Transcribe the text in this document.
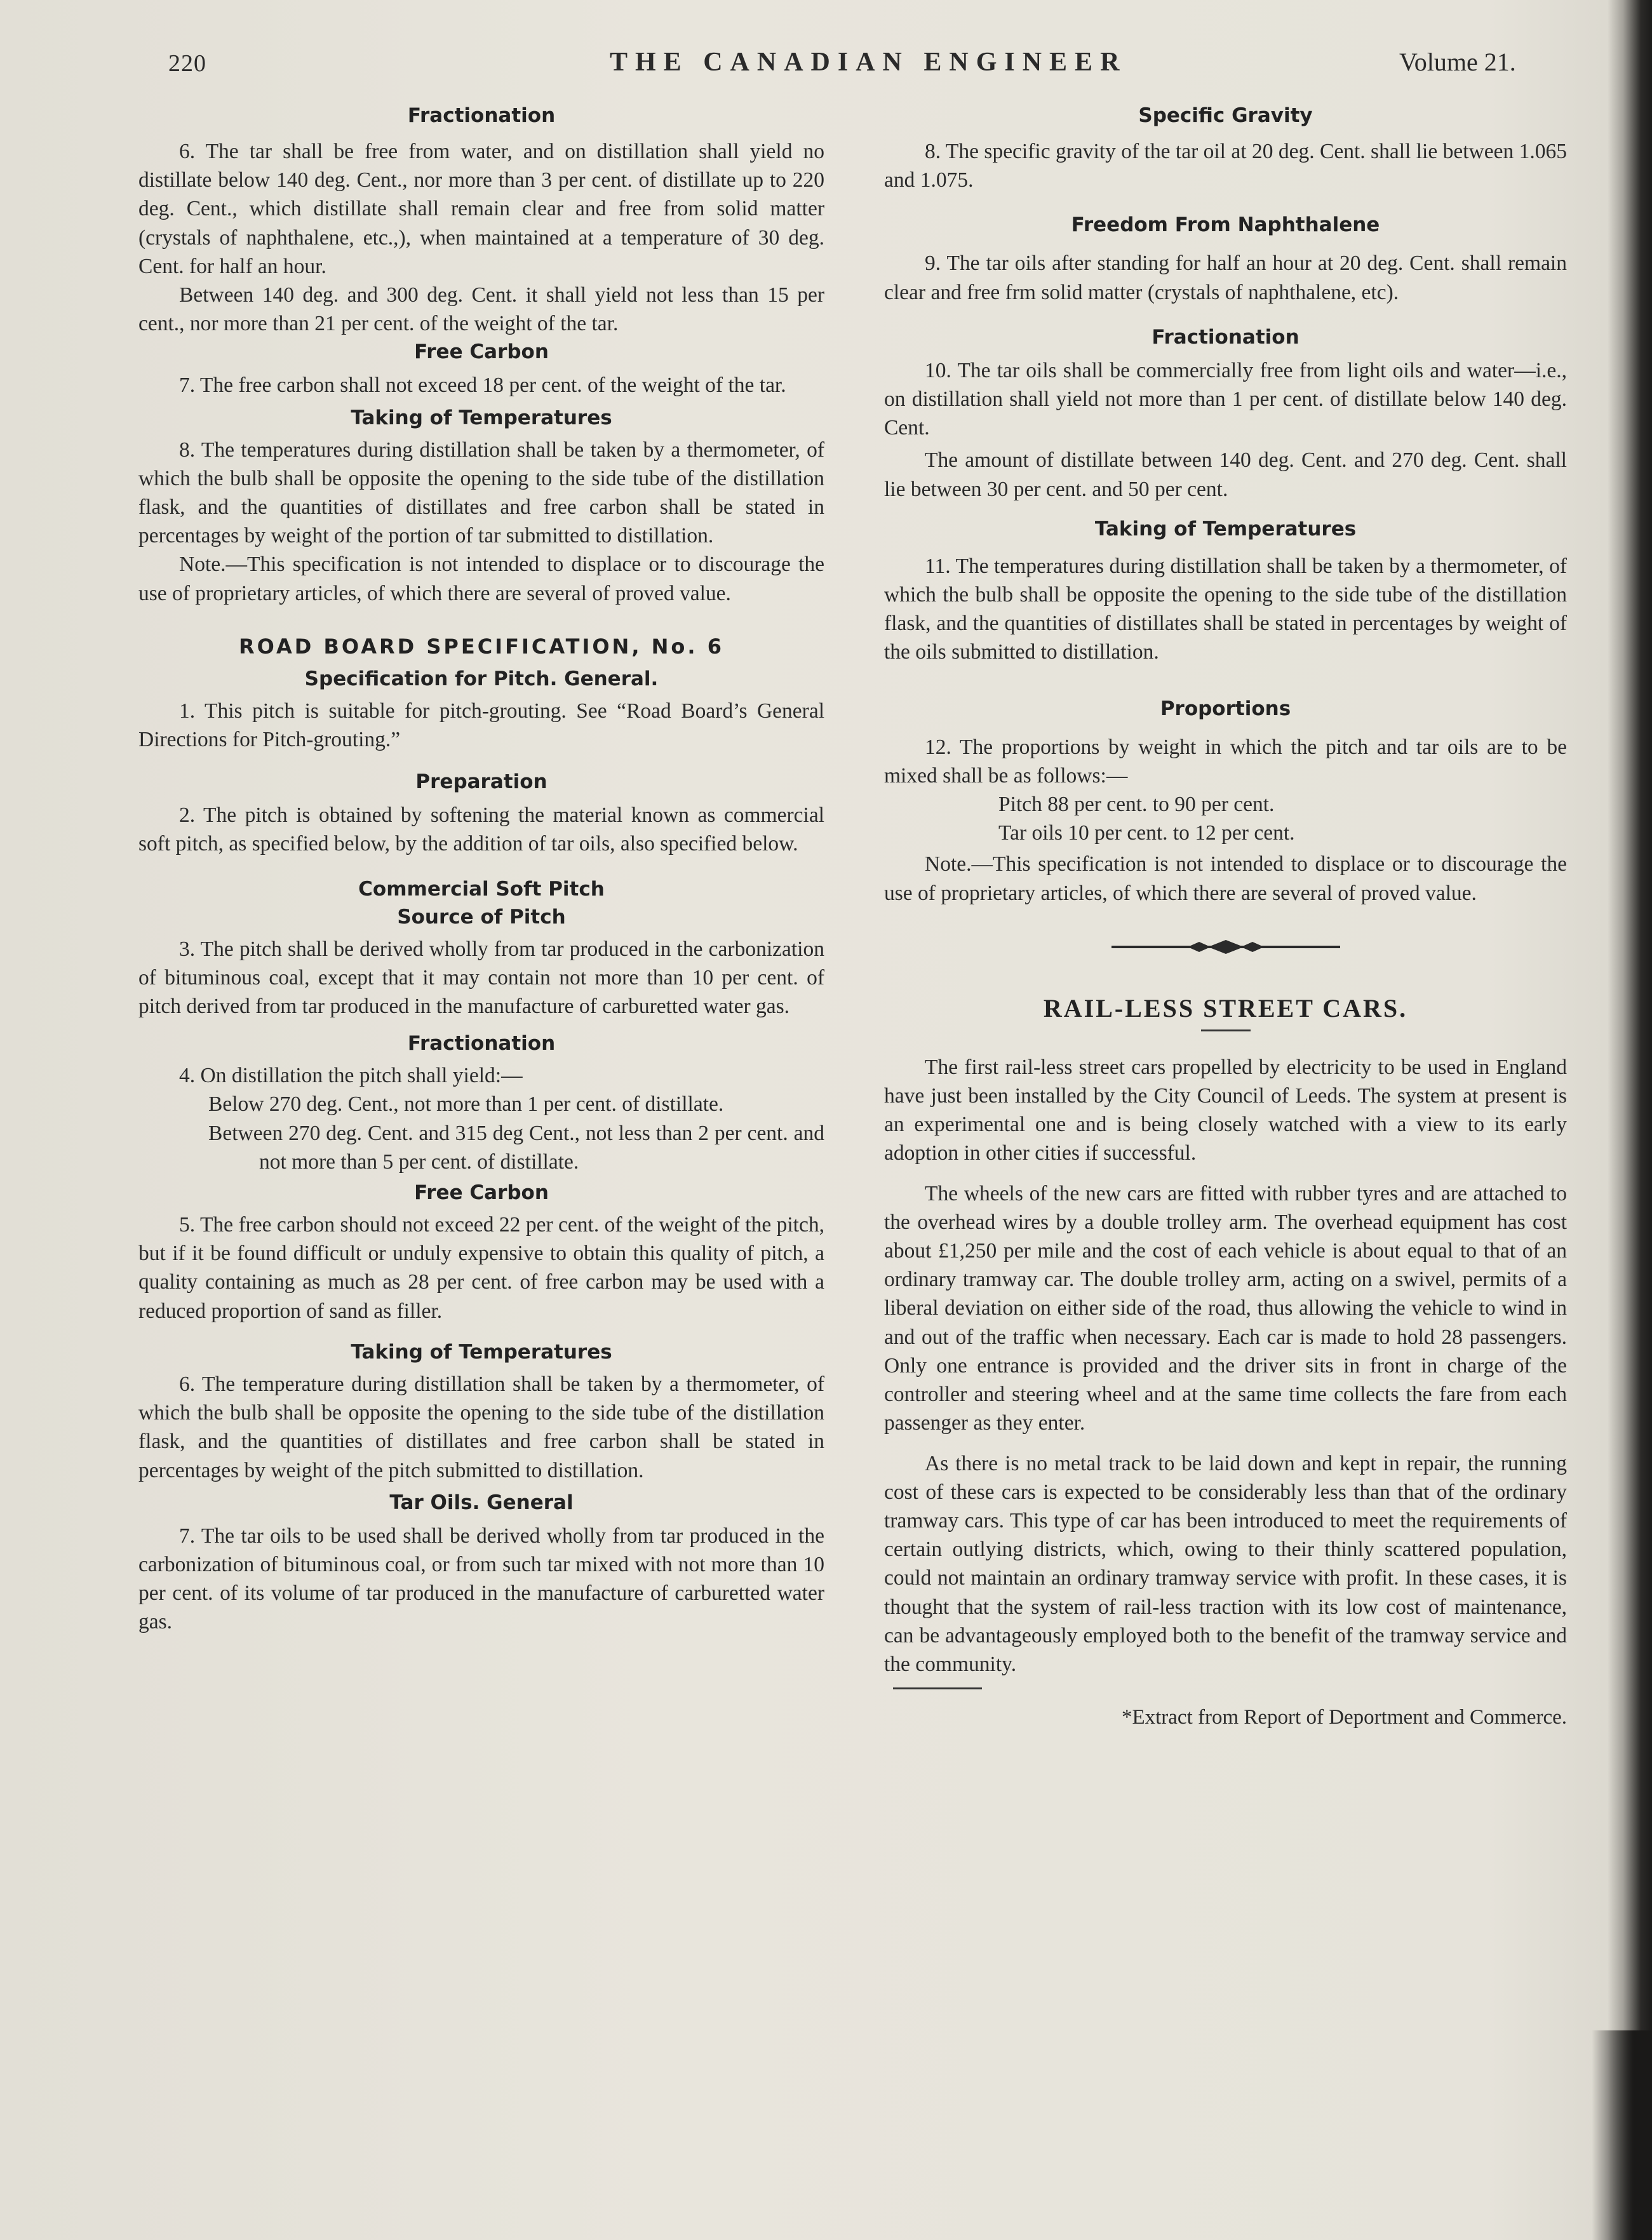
220	THE CANADIAN ENGINEER	Volume 21.
Fractionation

6. The tar shall be free from water, and on distillation shall yield no distillate below 140 deg. Cent., nor more than 3 per cent. of distillate up to 220 deg. Cent., which distillate shall remain clear and free from solid matter (crystals of naphthalene, etc.,), when maintained at a temperature of 30 deg. Cent. for half an hour.

Between 140 deg. and 300 deg. Cent. it shall yield not less than 15 per cent., nor more than 21 per cent. of the weight of the tar.

Free Carbon

7. The free carbon shall not exceed 18 per cent. of the weight of the tar.

Taking of Temperatures

8. The temperatures during distillation shall be taken by a thermometer, of which the bulb shall be opposite the opening to the side tube of the distillation flask, and the quantities of distillates and free carbon shall be stated in percentages by weight of the portion of tar submitted to distillation.

Note.—This specification is not intended to displace or to discourage the use of proprietary articles, of which there are several of proved value.

ROAD BOARD SPECIFICATION, No. 6
Specification for Pitch. General.

1. This pitch is suitable for pitch-grouting. See “Road Board’s General Directions for Pitch-grouting.”

Preparation

2. The pitch is obtained by softening the material known as commercial soft pitch, as specified below, by the addition of tar oils, also specified below.

Commercial Soft Pitch
Source of Pitch

3. The pitch shall be derived wholly from tar produced in the carbonization of bituminous coal, except that it may contain not more than 10 per cent. of pitch derived from tar produced in the manufacture of carburetted water gas.

Fractionation

4. On distillation the pitch shall yield:—

Below 270 deg. Cent., not more than 1 per cent. of distillate.

Between 270 deg. Cent. and 315 deg Cent., not less than 2 per cent. and not more than 5 per cent. of distillate.

Free Carbon

5. The free carbon should not exceed 22 per cent. of the weight of the pitch, but if it be found difficult or unduly expensive to obtain this quality of pitch, a quality containing as much as 28 per cent. of free carbon may be used with a reduced proportion of sand as filler.

Taking of Temperatures

6. The temperature during distillation shall be taken by a thermometer, of which the bulb shall be opposite the opening to the side tube of the distillation flask, and the quantities of distillates and free carbon shall be stated in percentages by weight of the pitch submitted to distillation.

Tar Oils. General

7. The tar oils to be used shall be derived wholly from tar produced in the carbonization of bituminous coal, or from such tar mixed with not more than 10 per cent. of its volume of tar produced in the manufacture of carburetted water gas.

Specific Gravity

8. The specific gravity of the tar oil at 20 deg. Cent. shall lie between 1.065 and 1.075.

Freedom From Naphthalene

9. The tar oils after standing for half an hour at 20 deg. Cent. shall remain clear and free frm solid matter (crystals of naphthalene, etc).

Fractionation

10. The tar oils shall be commercially free from light oils and water—i.e., on distillation shall yield not more than 1 per cent. of distillate below 140 deg. Cent.

The amount of distillate between 140 deg. Cent. and 270 deg. Cent. shall lie between 30 per cent. and 50 per cent.

Taking of Temperatures

11. The temperatures during distillation shall be taken by a thermometer, of which the bulb shall be opposite the opening to the side tube of the distillation flask, and the quantities of distillates shall be stated in percentages by weight of the oils submitted to distillation.

Proportions

12. The proportions by weight in which the pitch and tar oils are to be mixed shall be as follows:—

Pitch 88 per cent. to 90 per cent.

Tar oils 10 per cent. to 12 per cent.

Note.—This specification is not intended to displace or to discourage the use of proprietary articles, of which there are several of proved value.

RAIL-LESS STREET CARS.

The first rail-less street cars propelled by electricity to be used in England have just been installed by the City Council of Leeds. The system at present is an experimental one and is being closely watched with a view to its early adoption in other cities if successful.

The wheels of the new cars are fitted with rubber tyres and are attached to the overhead wires by a double trolley arm. The overhead equipment has cost about £1,250 per mile and the cost of each vehicle is about equal to that of an ordinary tramway car. The double trolley arm, acting on a swivel, permits of a liberal deviation on either side of the road, thus allowing the vehicle to wind in and out of the traffic when necessary. Each car is made to hold 28 passengers. Only one entrance is provided and the driver sits in front in charge of the controller and steering wheel and at the same time collects the fare from each passenger as they enter.

As there is no metal track to be laid down and kept in repair, the running cost of these cars is expected to be considerably less than that of the ordinary tramway cars. This type of car has been introduced to meet the requirements of certain outlying districts, which, owing to their thinly scattered population, could not maintain an ordinary tramway service with profit. In these cases, it is thought that the system of rail-less traction with its low cost of maintenance, can be advantageously employed both to the benefit of the tramway service and the community.

*Extract from Report of Deportment and Commerce.
